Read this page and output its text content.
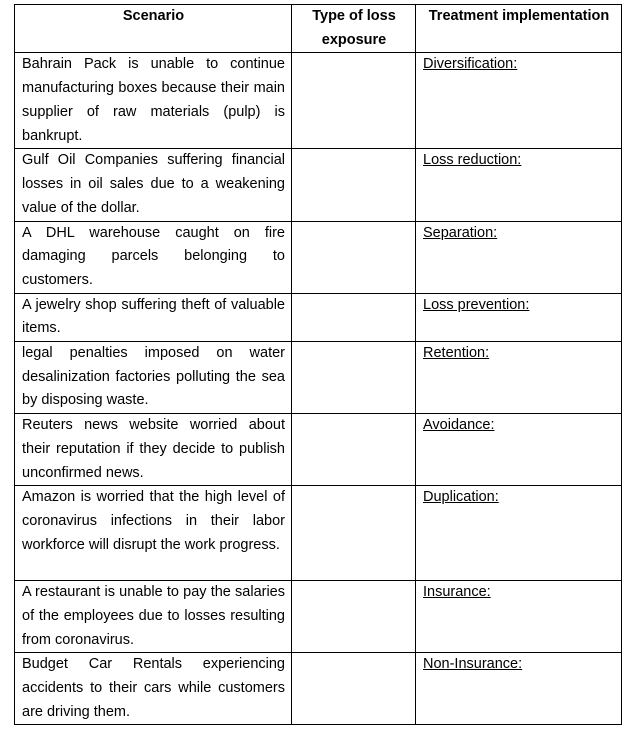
Scenario	Type of loss exposure	Treatment implementation
Bahrain Pack is unable to continue manufacturing boxes because their main supplier of raw materials (pulp) is bankrupt.		Diversification:
Gulf Oil Companies suffering financial losses in oil sales due to a weakening value of the dollar.		Loss reduction:
A DHL warehouse caught on fire damaging parcels belonging to customers.		Separation:
A jewelry shop suffering theft of valuable items.		Loss prevention:
legal penalties imposed on water desalinization factories polluting the sea by disposing waste.		Retention:
Reuters news website worried about their reputation if they decide to publish unconfirmed news.		Avoidance:
Amazon is worried that the high level of coronavirus infections in their labor workforce will disrupt the work progress.		Duplication:
A restaurant is unable to pay the salaries of the employees due to losses resulting from coronavirus.		Insurance:
Budget Car Rentals experiencing accidents to their cars while customers are driving them.		Non-Insurance:
